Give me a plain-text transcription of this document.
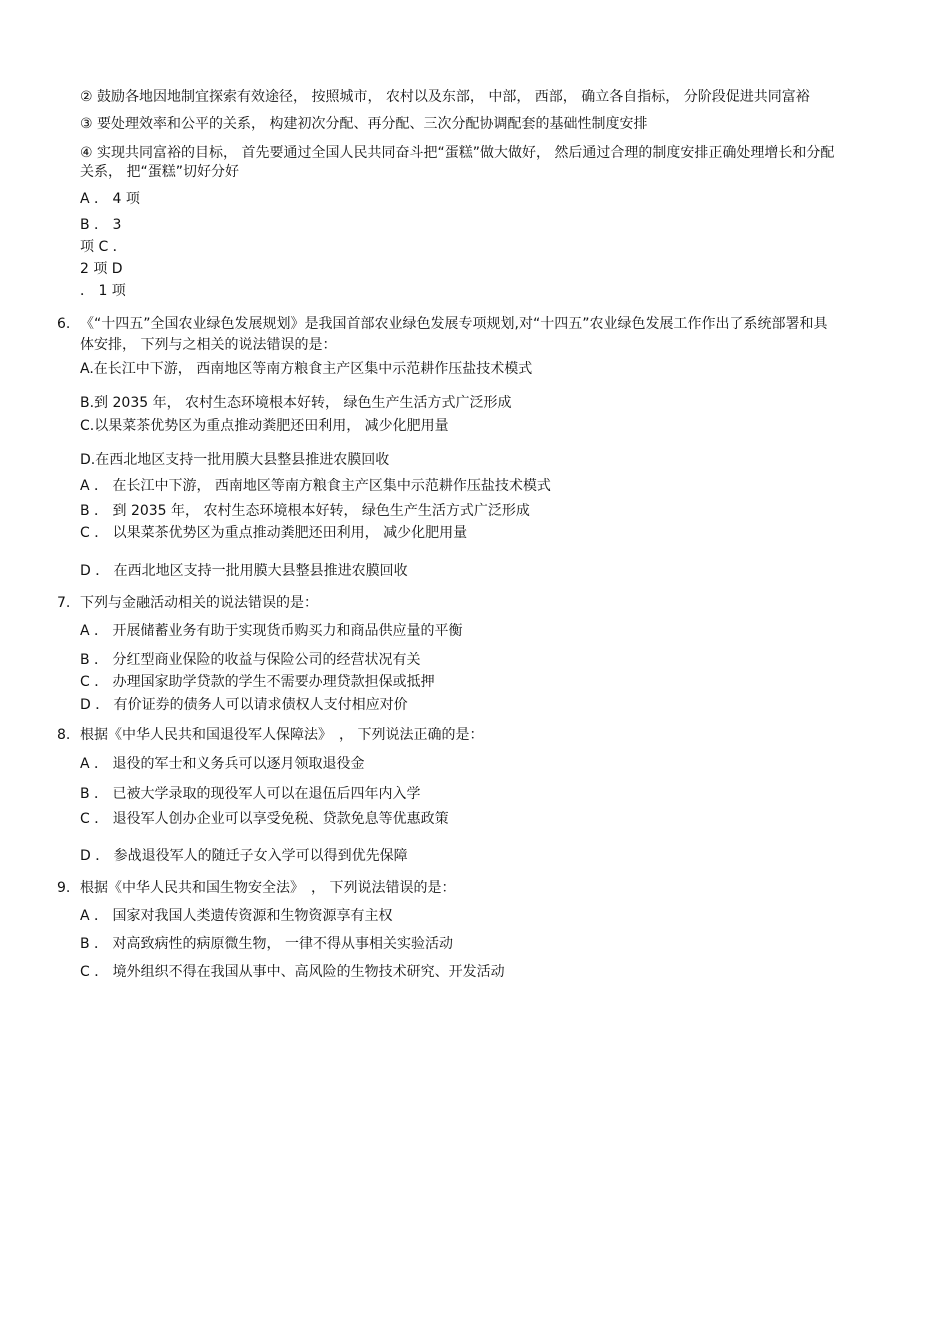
② 鼓励各地因地制宜探索有效途径， 按照城市， 农村以及东部， 中部， 西部， 确立各自指标， 分阶段促进共同富裕
③ 要处理效率和公平的关系， 构建初次分配、再分配、三次分配协调配套的基础性制度安排
④ 实现共同富裕的目标， 首先要通过全国人民共同奋斗把“蛋糕”做大做好， 然后通过合理的制度安排正确处理增长和分配
关系， 把“蛋糕”切好分好
A ． 4 项
B ． 3
项 C ．
2 项 D
． 1 项
6. 《“十四五”全国农业绿色发展规划》是我国首部农业绿色发展专项规划,对“十四五”农业绿色发展工作作出了系统部署和具
体安排， 下列与之相关的说法错误的是：
A.在长江中下游， 西南地区等南方粮食主产区集中示范耕作压盐技术模式
B.到 2035 年， 农村生态环境根本好转， 绿色生产生活方式广泛形成
C.以果菜茶优势区为重点推动粪肥还田利用， 减少化肥用量
D.在西北地区支持一批用膜大县整县推进农膜回收
A ． 在长江中下游， 西南地区等南方粮食主产区集中示范耕作压盐技术模式
B ． 到 2035 年， 农村生态环境根本好转， 绿色生产生活方式广泛形成
C ． 以果菜茶优势区为重点推动粪肥还田利用， 减少化肥用量
D ． 在西北地区支持一批用膜大县整县推进农膜回收
7. 下列与金融活动相关的说法错误的是：
A ． 开展储蓄业务有助于实现货币购买力和商品供应量的平衡
B ． 分红型商业保险的收益与保险公司的经营状况有关
C ． 办理国家助学贷款的学生不需要办理贷款担保或抵押
D ． 有价证券的债务人可以请求债权人支付相应对价
8. 根据《中华人民共和国退役军人保障法》　， 下列说法正确的是：
A ． 退役的军士和义务兵可以逐月领取退役金
B ． 已被大学录取的现役军人可以在退伍后四年内入学
C ． 退役军人创办企业可以享受免税、贷款免息等优惠政策
D ． 参战退役军人的随迁子女入学可以得到优先保障
9. 根据《中华人民共和国生物安全法》　， 下列说法错误的是：
A ． 国家对我国人类遗传资源和生物资源享有主权
B ． 对高致病性的病原微生物， 一律不得从事相关实验活动
C ． 境外组织不得在我国从事中、高风险的生物技术研究、开发活动
